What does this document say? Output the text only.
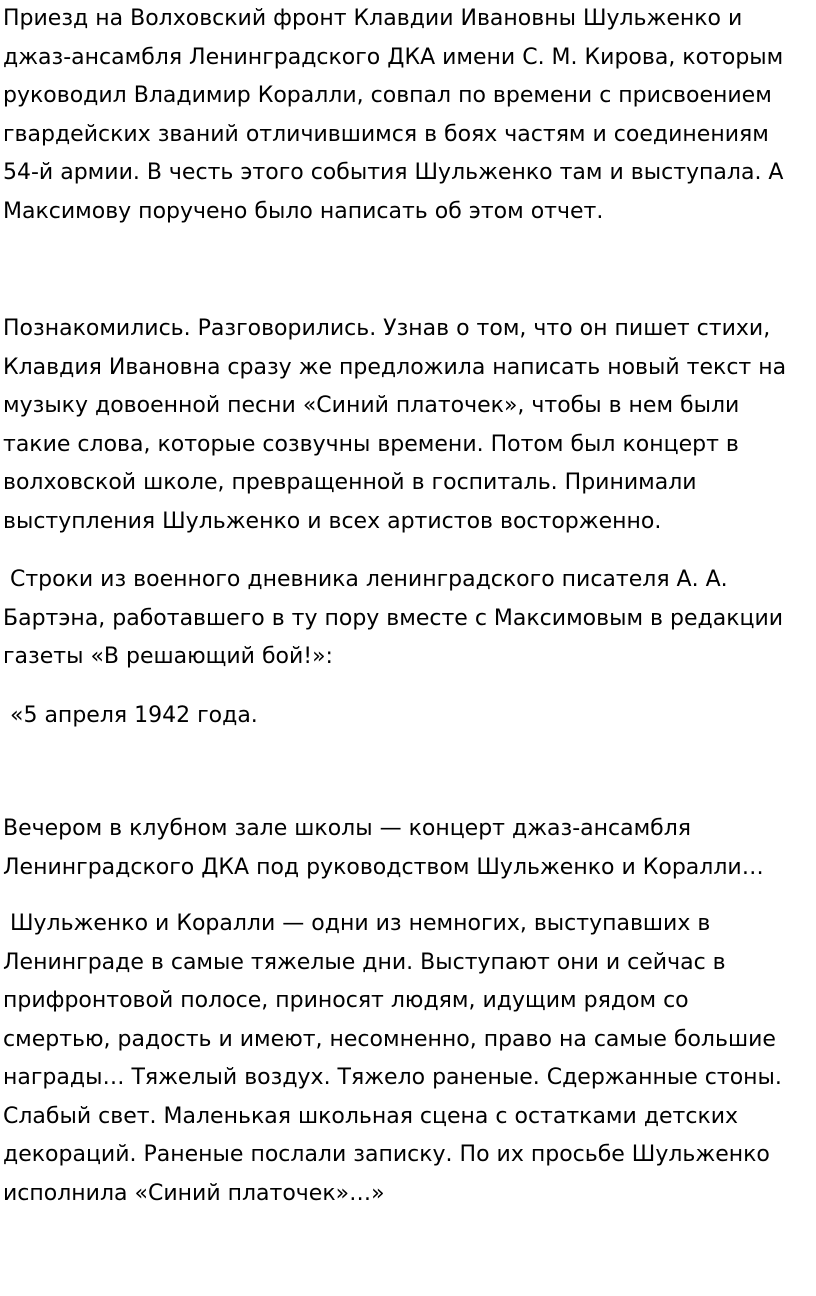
Приезд на Волховский фронт Клавдии Ивановны Шульженко и джаз-ансамбля Ленинградского ДКА имени С. М. Кирова, которым руководил Владимир Коралли, совпал по времени с присвоением гвардейских званий отличившимся в боях частям и соединениям 54-й армии. В честь этого события Шульженко там и выступала. А Максимову поручено было написать об этом отчет.

Познакомились. Разговорились. Узнав о том, что он пишет стихи, Клавдия Ивановна сразу же предложила написать новый текст на музыку довоенной песни «Синий платочек», чтобы в нем были такие слова, которые созвучны времени. Потом был концерт в волховской школе, превращенной в госпиталь. Принимали выступления Шульженко и всех артистов восторженно.

Строки из военного дневника ленинградского писателя А. А. Бартэна, работавшего в ту пору вместе с Максимовым в редакции газеты «В решающий бой!»:

«5 апреля 1942 года.

Вечером в клубном зале школы — концерт джаз-ансамбля Ленинградского ДКА под руководством Шульженко и Коралли…

Шульженко и Коралли — одни из немногих, выступавших в Ленинграде в самые тяжелые дни. Выступают они и сейчас в прифронтовой полосе, приносят людям, идущим рядом со смертью, радость и имеют, несомненно, право на самые большие награды… Тяжелый воздух. Тяжело раненые. Сдержанные стоны. Слабый свет. Маленькая школьная сцена с остатками детских декораций. Раненые послали записку. По их просьбе Шульженко исполнила «Синий платочек»…»
